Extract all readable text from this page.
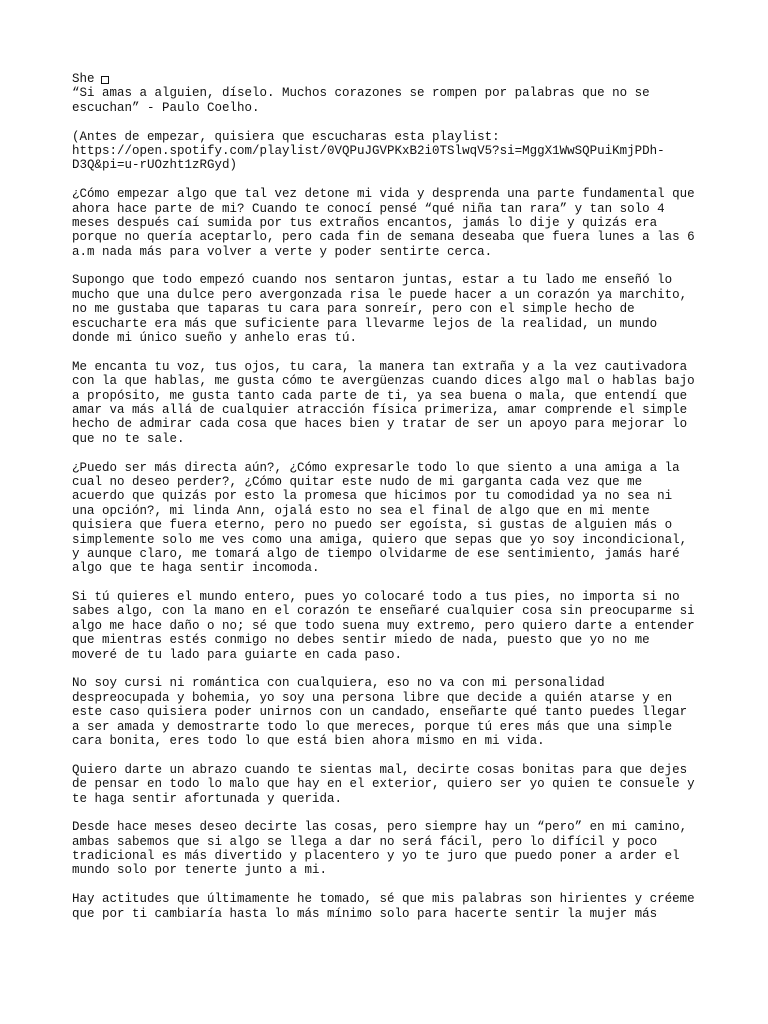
She
“Si amas a alguien, díselo. Muchos corazones se rompen por palabras que no se
escuchan” - Paulo Coelho.
(Antes de empezar, quisiera que escucharas esta playlist:
https://open.spotify.com/playlist/0VQPuJGVPKxB2i0TSlwqV5?si=MggX1WwSQPuiKmjPDh-
D3Q&pi=u-rUOzht1zRGyd)
¿Cómo empezar algo que tal vez detone mi vida y desprenda una parte fundamental que
ahora hace parte de mi? Cuando te conocí pensé “qué niña tan rara” y tan solo 4
meses después caí sumida por tus extraños encantos, jamás lo dije y quizás era
porque no quería aceptarlo, pero cada fin de semana deseaba que fuera lunes a las 6
a.m nada más para volver a verte y poder sentirte cerca.
Supongo que todo empezó cuando nos sentaron juntas, estar a tu lado me enseñó lo
mucho que una dulce pero avergonzada risa le puede hacer a un corazón ya marchito,
no me gustaba que taparas tu cara para sonreír, pero con el simple hecho de
escucharte era más que suficiente para llevarme lejos de la realidad, un mundo
donde mi único sueño y anhelo eras tú.
Me encanta tu voz, tus ojos, tu cara, la manera tan extraña y a la vez cautivadora
con la que hablas, me gusta cómo te avergüenzas cuando dices algo mal o hablas bajo
a propósito, me gusta tanto cada parte de ti, ya sea buena o mala, que entendí que
amar va más allá de cualquier atracción física primeriza, amar comprende el simple
hecho de admirar cada cosa que haces bien y tratar de ser un apoyo para mejorar lo
que no te sale.
¿Puedo ser más directa aún?, ¿Cómo expresarle todo lo que siento a una amiga a la
cual no deseo perder?, ¿Cómo quitar este nudo de mi garganta cada vez que me
acuerdo que quizás por esto la promesa que hicimos por tu comodidad ya no sea ni
una opción?, mi linda Ann, ojalá esto no sea el final de algo que en mi mente
quisiera que fuera eterno, pero no puedo ser egoísta, si gustas de alguien más o
simplemente solo me ves como una amiga, quiero que sepas que yo soy incondicional,
y aunque claro, me tomará algo de tiempo olvidarme de ese sentimiento, jamás haré
algo que te haga sentir incomoda.
Si tú quieres el mundo entero, pues yo colocaré todo a tus pies, no importa si no
sabes algo, con la mano en el corazón te enseñaré cualquier cosa sin preocuparme si
algo me hace daño o no; sé que todo suena muy extremo, pero quiero darte a entender
que mientras estés conmigo no debes sentir miedo de nada, puesto que yo no me
moveré de tu lado para guiarte en cada paso.
No soy cursi ni romántica con cualquiera, eso no va con mi personalidad
despreocupada y bohemia, yo soy una persona libre que decide a quién atarse y en
este caso quisiera poder unirnos con un candado, enseñarte qué tanto puedes llegar
a ser amada y demostrarte todo lo que mereces, porque tú eres más que una simple
cara bonita, eres todo lo que está bien ahora mismo en mi vida.
Quiero darte un abrazo cuando te sientas mal, decirte cosas bonitas para que dejes
de pensar en todo lo malo que hay en el exterior, quiero ser yo quien te consuele y
te haga sentir afortunada y querida.
Desde hace meses deseo decirte las cosas, pero siempre hay un “pero” en mi camino,
ambas sabemos que si algo se llega a dar no será fácil, pero lo difícil y poco
tradicional es más divertido y placentero y yo te juro que puedo poner a arder el
mundo solo por tenerte junto a mi.
Hay actitudes que últimamente he tomado, sé que mis palabras son hirientes y créeme
que por ti cambiaría hasta lo más mínimo solo para hacerte sentir la mujer más
